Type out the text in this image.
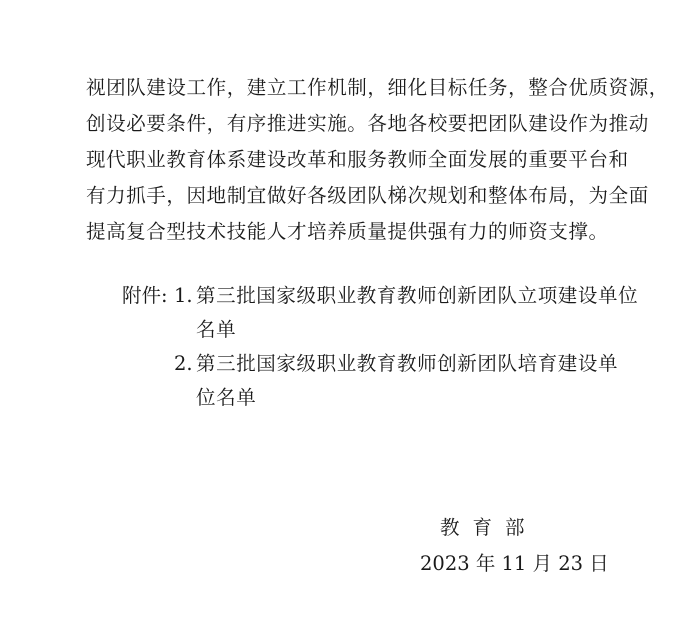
视团队建设工作，建立工作机制，细化目标任务，整合优质资源，
创设必要条件，有序推进实施。各地各校要把团队建设作为推动
现代职业教育体系建设改革和服务教师全面发展的重要平台和
有力抓手，因地制宜做好各级团队梯次规划和整体布局，为全面
提高复合型技术技能人才培养质量提供强有力的师资支撑。
附件: 1. 第三批国家级职业教育教师创新团队立项建设单位
名单
2. 第三批国家级职业教育教师创新团队培育建设单
位名单
教育部
2023 年 11 月 23 日
